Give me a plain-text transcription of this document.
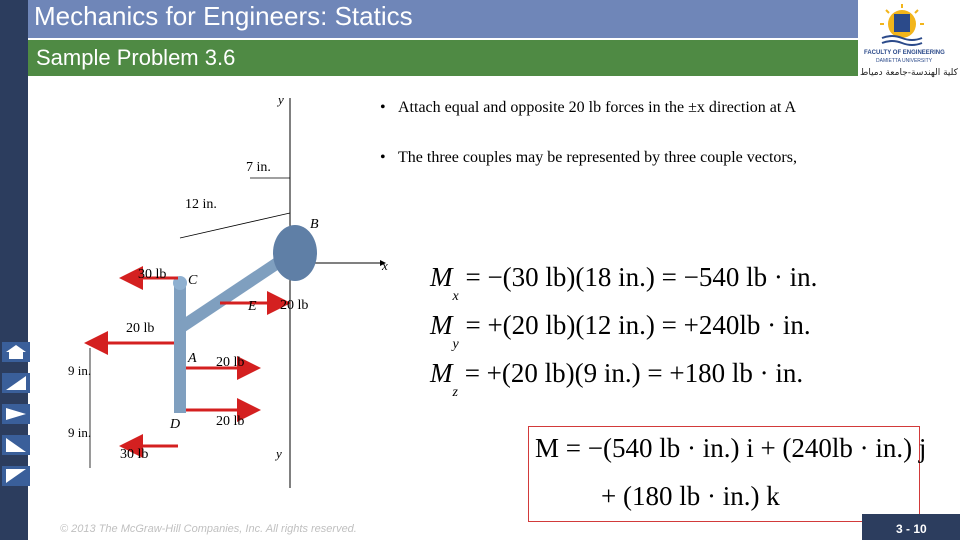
Mechanics for Engineers: Statics
Sample Problem 3.6	FACULTY OF ENGINEERING
DAMIETTA UNIVERSITY
كلية الهندسة-جامعة دمياط
y
7 in.
12 in.
B
x
30 lb C
E 20 lb
20 lb
A 20 lb
9 in.
D	20 lb
9 in.
30 lb	y
• Attach equal and opposite 20 lb forces in the ±x direction at A
• The three couples may be represented by three couple vectors,
$M_x = -(30$ lb)(18 in.) = −540 lb · in.
$M_y = +(20$ lb)(12 in.) = +240lb · in.
$M_z = +(20$ lb)(9 in.) = +180 lb · in.
M = −(540 lb · in.) i + (240lb · in.) j
+ (180 lb · in.) k
© 2013 The McGraw-Hill Companies, Inc. All rights reserved.	3 - 10
